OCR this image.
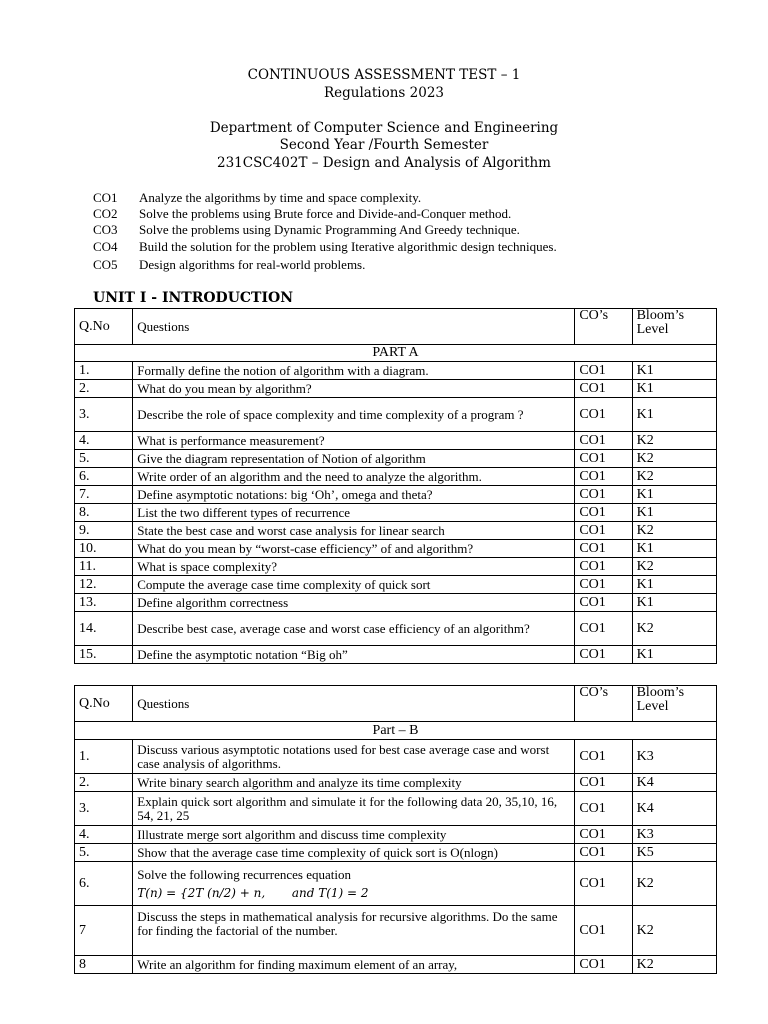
CONTINUOUS ASSESSMENT TEST – 1
Regulations 2023
Department of Computer Science and Engineering
Second Year /Fourth Semester
231CSC402T – Design and Analysis of Algorithm
CO1 Analyze the algorithms by time and space complexity.
CO2 Solve the problems using Brute force and Divide-and-Conquer method.
CO3 Solve the problems using Dynamic Programming And Greedy technique.
CO4 Build the solution for the problem using Iterative algorithmic design techniques.
CO5 Design algorithms for real-world problems.
UNIT I - INTRODUCTION
Q.No	Questions	CO’s	Bloom’s Level
PART A			
1.	Formally define the notion of algorithm with a diagram.	CO1	K1
2.	What do you mean by algorithm?	CO1	K1
3.	Describe the role of space complexity and time complexity of a program ?	CO1	K1
4.	What is performance measurement?	CO1	K2
5.	Give the diagram representation of Notion of algorithm	CO1	K2
6.	Write order of an algorithm and the need to analyze the algorithm.	CO1	K2
7.	Define asymptotic notations: big ‘Oh’, omega and theta?	CO1	K1
8.	List the two different types of recurrence	CO1	K1
9.	State the best case and worst case analysis for linear search	CO1	K2
10.	What do you mean by “worst-case efficiency” of and algorithm?	CO1	K1
11.	What is space complexity?	CO1	K2
12.	Compute the average case time complexity of quick sort	CO1	K1
13.	Define algorithm correctness	CO1	K1
14.	Describe best case, average case and worst case efficiency of an algorithm?	CO1	K2
15.	Define the asymptotic notation “Big oh”	CO1	K1
Q.No	Questions	CO’s	Bloom’s Level
Part – B			
1.	Discuss various asymptotic notations used for best case average case and worst case analysis of algorithms.	CO1	K3
2.	Write binary search algorithm and analyze its time complexity	CO1	K4
3.	Explain quick sort algorithm and simulate it for the following data 20, 35,10, 16, 54, 21, 25	CO1	K4
4.	Illustrate merge sort algorithm and discuss time complexity	CO1	K3
5.	Show that the average case time complexity of quick sort is O(nlogn)	CO1	K5
6.	Solve the following recurrences equation
T(n) = {2T (n/2) + n,       and T(1) = 2	CO1	K2
7	Discuss the steps in mathematical analysis for recursive algorithms. Do the same for finding the factorial of the number.	CO1	K2
8	Write an algorithm for finding maximum element of an array,	CO1	K2
